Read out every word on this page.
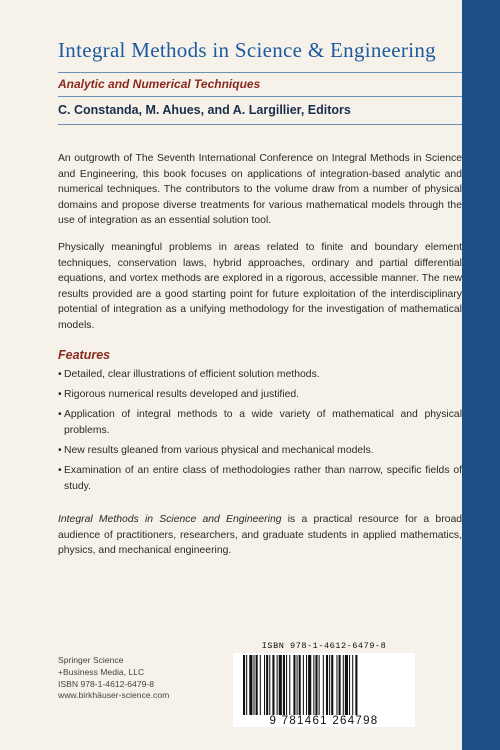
Integral Methods in Science & Engineering
Analytic and Numerical Techniques
C. Constanda, M. Ahues, and A. Largillier, Editors
An outgrowth of The Seventh International Conference on Integral Methods in Science and Engineering, this book focuses on applications of integration-based analytic and numerical techniques. The contributors to the volume draw from a number of physical domains and propose diverse treatments for various mathematical models through the use of integration as an essential solution tool.
Physically meaningful problems in areas related to finite and boundary element techniques, conservation laws, hybrid approaches, ordinary and partial differential equations, and vortex methods are explored in a rigorous, accessible manner. The new results provided are a good starting point for future exploitation of the interdisciplinary potential of integration as a unifying methodology for the investigation of mathematical models.
Features
• Detailed, clear illustrations of efficient solution methods.
• Rigorous numerical results developed and justified.
• Application of integral methods to a wide variety of mathematical and physical problems.
• New results gleaned from various physical and mechanical models.
• Examination of an entire class of methodologies rather than narrow, specific fields of study.
Integral Methods in Science and Engineering is a practical resource for a broad audience of practitioners, researchers, and graduate students in applied mathematics, physics, and mechanical engineering.
Springer Science
+Business Media, LLC
ISBN 978-1-4612-6479-8
www.birkhäuser-science.com
ISBN 978-1-4612-6479-8
9 781461 264798
